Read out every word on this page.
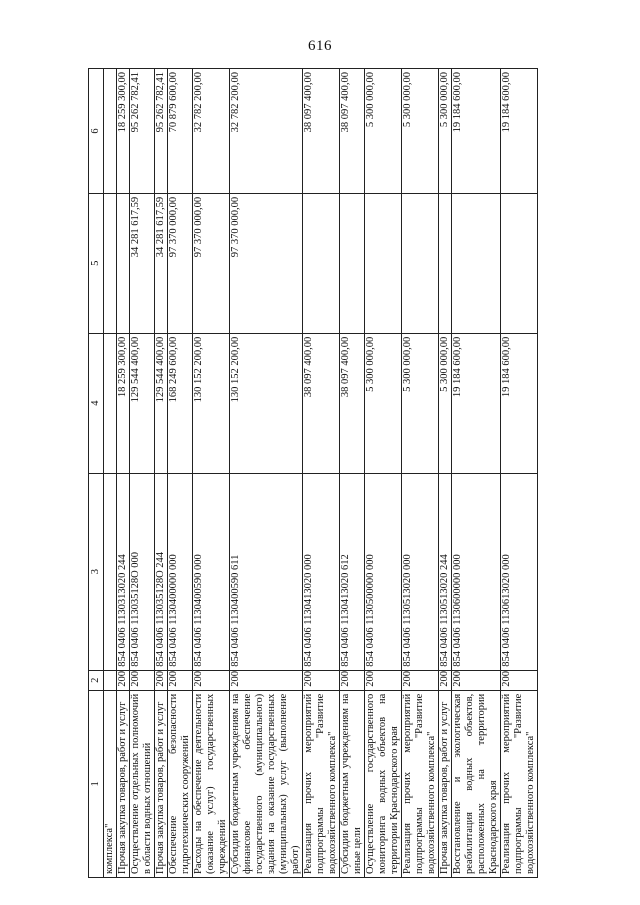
616
1	2	3	4	5	6
комплекса"					
Прочая закупка товаров, работ и услуг	200	854 0406 1130313020 244	18 259 300,00		18 259 300,00
Осуществление отдельных полномочий в области водных отношений	200	854 0406 113035128О 000	129 544 400,00	34 281 617,59	95 262 782,41
Прочая закупка товаров, работ и услуг	200	854 0406 113035128О 244	129 544 400,00	34 281 617,59	95 262 782,41
Обеспечение безопасности гидротехнических сооружений	200	854 0406 1130400000 000	168 249 600,00	97 370 000,00	70 879 600,00
Расходы на обеспечение деятельности (оказание услуг) государственных учреждений	200	854 0406 1130400590 000	130 152 200,00	97 370 000,00	32 782 200,00
Субсидии бюджетным учреждениям на финансовое обеспечение государственного (муниципального) задания на оказание государственных (муниципальных) услуг (выполнение работ)	200	854 0406 1130400590 611	130 152 200,00	97 370 000,00	32 782 200,00
Реализация прочих мероприятий подпрограммы "Развитие водохозяйственного комплекса"	200	854 0406 1130413020 000	38 097 400,00		38 097 400,00
Субсидии бюджетным учреждениям на иные цели	200	854 0406 1130413020 612	38 097 400,00		38 097 400,00
Осуществление государственного мониторинга водных объектов на территории Краснодарского края	200	854 0406 1130500000 000	5 300 000,00		5 300 000,00
Реализация прочих мероприятий подпрограммы "Развитие водохозяйственного комплекса"	200	854 0406 1130513020 000	5 300 000,00		5 300 000,00
Прочая закупка товаров, работ и услуг	200	854 0406 1130513020 244	5 300 000,00		5 300 000,00
Восстановление и экологическая реабилитация водных объектов, расположенных на территории Краснодарского края	200	854 0406 1130600000 000	19 184 600,00		19 184 600,00
Реализация прочих мероприятий подпрограммы "Развитие водохозяйственного комплекса"	200	854 0406 1130613020 000	19 184 600,00		19 184 600,00
